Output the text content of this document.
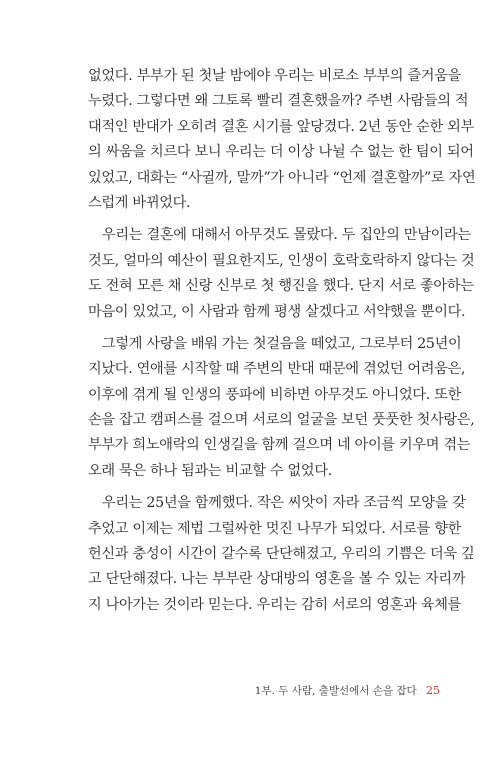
없었다. 부부가 된 첫날 밤에야 우리는 비로소 부부의 즐거움을
누렸다. 그렇다면 왜 그토록 빨리 결혼했을까? 주변 사람들의 적
대적인 반대가 오히려 결혼 시기를 앞당겼다. 2년 동안 순한 외부
의 싸움을 치르다 보니 우리는 더 이상 나뉠 수 없는 한 팀이 되어
있었고, 대화는 “사귈까, 말까”가 아니라 “언제 결혼할까”로 자연
스럽게 바뀌었다.
우리는 결혼에 대해서 아무것도 몰랐다. 두 집안의 만남이라는
것도, 얼마의 예산이 필요한지도, 인생이 호락호락하지 않다는 것
도 전혀 모른 채 신랑 신부로 첫 행진을 했다. 단지 서로 좋아하는
마음이 있었고, 이 사람과 함께 평생 살겠다고 서약했을 뿐이다.
그렇게 사랑을 배워 가는 첫걸음을 떼었고, 그로부터 25년이
지났다. 연애를 시작할 때 주변의 반대 때문에 겪었던 어려움은,
이후에 겪게 될 인생의 풍파에 비하면 아무것도 아니었다. 또한
손을 잡고 캠퍼스를 걸으며 서로의 얼굴을 보던 풋풋한 첫사랑은,
부부가 희노애락의 인생길을 함께 걸으며 네 아이를 키우며 겪는
오래 묵은 하나 됨과는 비교할 수 없었다.
우리는 25년을 함께했다. 작은 씨앗이 자라 조금씩 모양을 갖
추었고 이제는 제법 그럴싸한 멋진 나무가 되었다. 서로를 향한
헌신과 충성이 시간이 갈수록 단단해졌고, 우리의 기쁨은 더욱 깊
고 단단해졌다. 나는 부부란 상대방의 영혼을 볼 수 있는 자리까
지 나아가는 것이라 믿는다. 우리는 감히 서로의 영혼과 육체를
1부. 두 사람, 출발선에서 손을 잡다 25
